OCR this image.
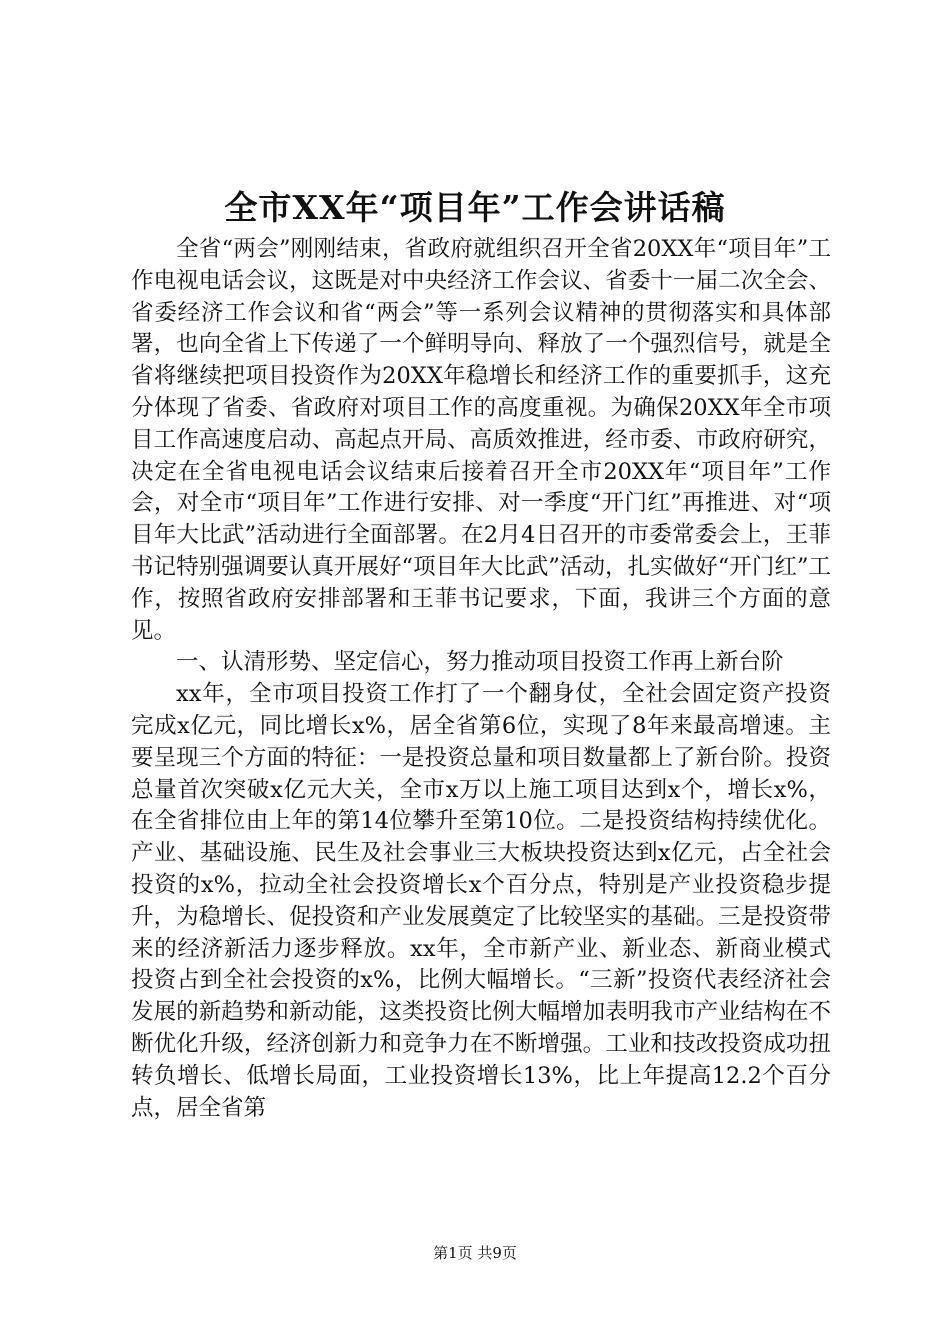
全市XX年“项目年”工作会讲话稿

全省“两会”刚刚结束，省政府就组织召开全省20XX年“项目年”工作电视电话会议，这既是对中央经济工作会议、省委十一届二次全会、省委经济工作会议和省“两会”等一系列会议精神的贯彻落实和具体部署，也向全省上下传递了一个鲜明导向、释放了一个强烈信号，就是全省将继续把项目投资作为20XX年稳增长和经济工作的重要抓手，这充分体现了省委、省政府对项目工作的高度重视。为确保20XX年全市项目工作高速度启动、高起点开局、高质效推进，经市委、市政府研究，决定在全省电视电话会议结束后接着召开全市20XX年“项目年”工作会，对全市“项目年”工作进行安排、对一季度“开门红”再推进、对“项目年大比武”活动进行全面部署。在2月4日召开的市委常委会上，王菲书记特别强调要认真开展好“项目年大比武”活动，扎实做好“开门红”工作，按照省政府安排部署和王菲书记要求，下面，我讲三个方面的意见。

一、认清形势、坚定信心，努力推动项目投资工作再上新台阶

xx年，全市项目投资工作打了一个翻身仗，全社会固定资产投资完成x亿元，同比增长x%，居全省第6位，实现了8年来最高增速。主要呈现三个方面的特征：一是投资总量和项目数量都上了新台阶。投资总量首次突破x亿元大关，全市x万以上施工项目达到x个，增长x%，在全省排位由上年的第14位攀升至第10位。二是投资结构持续优化。产业、基础设施、民生及社会事业三大板块投资达到x亿元，占全社会投资的x%，拉动全社会投资增长x个百分点，特别是产业投资稳步提升，为稳增长、促投资和产业发展奠定了比较坚实的基础。三是投资带来的经济新活力逐步释放。xx年，全市新产业、新业态、新商业模式投资占到全社会投资的x%，比例大幅增长。“三新”投资代表经济社会发展的新趋势和新动能，这类投资比例大幅增加表明我市产业结构在不断优化升级，经济创新力和竞争力在不断增强。工业和技改投资成功扭转负增长、低增长局面，工业投资增长13%，比上年提高12.2个百分点，居全省第

第1页 共9页
